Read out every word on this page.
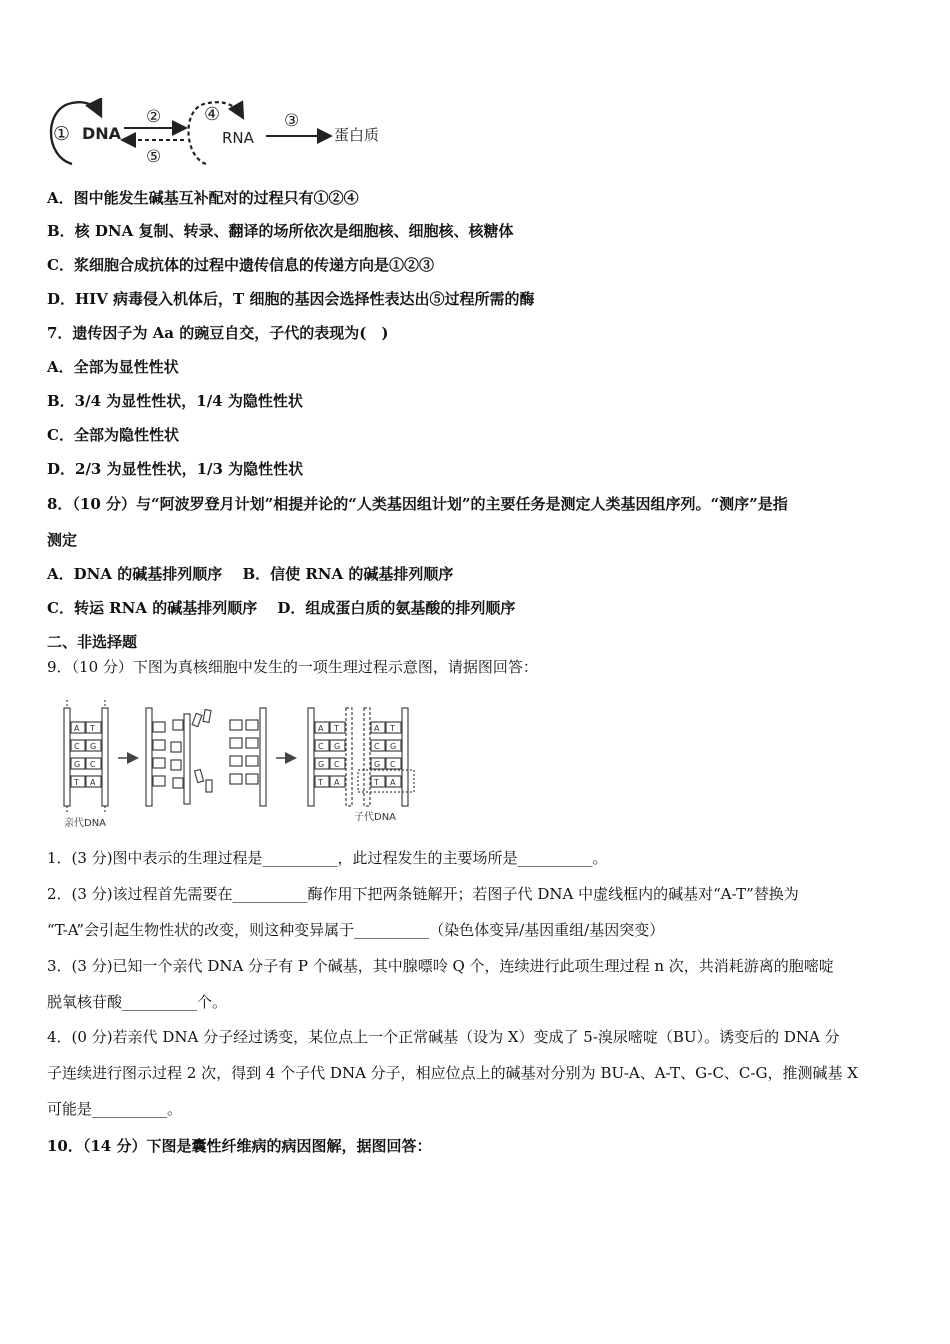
① DNA
②
⑤
④
RNA
③
蛋白质
A．图中能发生碱基互补配对的过程只有①②④
B．核 DNA 复制、转录、翻译的场所依次是细胞核、细胞核、核糖体
C．浆细胞合成抗体的过程中遗传信息的传递方向是①②③
D．HIV 病毒侵入机体后，T 细胞的基因会选择性表达出⑤过程所需的酶
7．遗传因子为 Aa 的豌豆自交，子代的表现为(　)
A．全部为显性性状
B．3/4 为显性性状，1/4 为隐性性状
C．全部为隐性性状
D．2/3 为显性性状，1/3 为隐性性状
8．（10 分）与“阿波罗登月计划”相提并论的“人类基因组计划”的主要任务是测定人类基因组序列。“测序”是指
测定
A．DNA 的碱基排列顺序　 B．信使 RNA 的碱基排列顺序
C．转运 RNA 的碱基排列顺序　 D．组成蛋白质的氨基酸的排列顺序
二、非选择题
9．（10 分）下图为真核细胞中发生的一项生理过程示意图，请据图回答：
A T
C G
G C
T A
A T
C G
G C
T A
A T
C G
G C
T A
亲代DNA
子代DNA
1．(3 分)图中表示的生理过程是__________，此过程发生的主要场所是__________。
2．(3 分)该过程首先需要在__________酶作用下把两条链解开；若图子代 DNA 中虚线框内的碱基对“A-T”替换为
“T-A”会引起生物性状的改变，则这种变异属于__________（染色体变异/基因重组/基因突变）
3．(3 分)已知一个亲代 DNA 分子有 P 个碱基，其中腺嘌呤 Q 个，连续进行此项生理过程 n 次，共消耗游离的胞嘧啶
脱氧核苷酸__________个。
4．(0 分)若亲代 DNA 分子经过诱变，某位点上一个正常碱基（设为 X）变成了 5-溴尿嘧啶（BU）。诱变后的 DNA 分
子连续进行图示过程 2 次，得到 4 个子代 DNA 分子，相应位点上的碱基对分别为 BU-A、A-T、G-C、C-G，推测碱基 X
可能是__________。
10．（14 分）下图是囊性纤维病的病因图解，据图回答：
